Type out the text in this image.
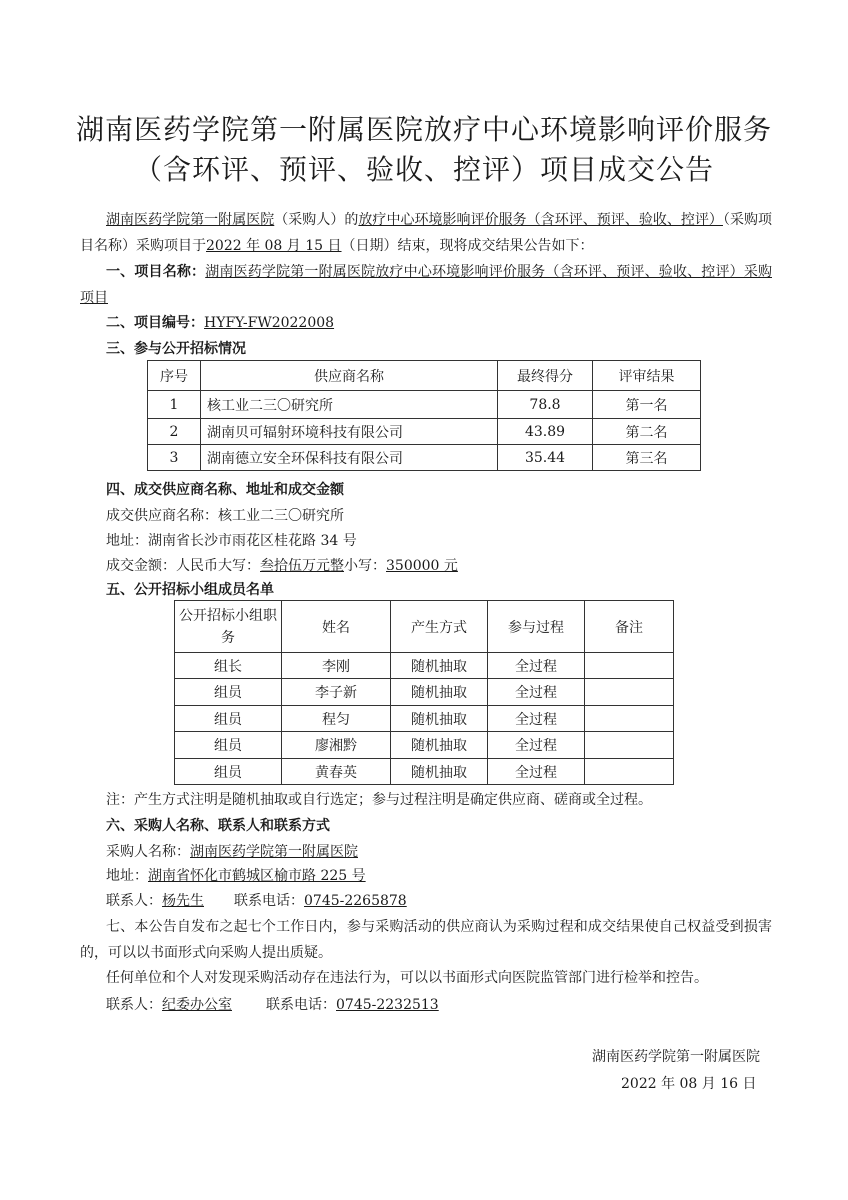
湖南医药学院第一附属医院放疗中心环境影响评价服务
（含环评、预评、验收、控评）项目成交公告
湖南医药学院第一附属医院（采购人）的放疗中心环境影响评价服务（含环评、预评、验收、控评）（采购项目名称）采购项目于2022 年 08 月 15 日（日期）结束，现将成交结果公告如下：
一、项目名称：湖南医药学院第一附属医院放疗中心环境影响评价服务（含环评、预评、验收、控评）采购项目
二、项目编号：HYFY-FW2022008
三、参与公开招标情况
序号	供应商名称	最终得分	评审结果
1	核工业二三〇研究所	78.8	第一名
2	湖南贝可辐射环境科技有限公司	43.89	第二名
3	湖南德立安全环保科技有限公司	35.44	第三名
四、成交供应商名称、地址和成交金额
成交供应商名称：核工业二三〇研究所
地址：湖南省长沙市雨花区桂花路 34 号
成交金额：人民币大写：叁拾伍万元整小写：350000 元
五、公开招标小组成员名单
公开招标小组职务	姓名	产生方式	参与过程	备注
组长	李刚	随机抽取	全过程	
组员	李子新	随机抽取	全过程	
组员	程匀	随机抽取	全过程	
组员	廖湘黔	随机抽取	全过程	
组员	黄春英	随机抽取	全过程	
注：产生方式注明是随机抽取或自行选定；参与过程注明是确定供应商、磋商或全过程。
六、采购人名称、联系人和联系方式
采购人名称：湖南医药学院第一附属医院
地址：湖南省怀化市鹤城区榆市路 225 号
联系人：杨先生 联系电话：0745-2265878
七、本公告自发布之起七个工作日内，参与采购活动的供应商认为采购过程和成交结果使自己权益受到损害的，可以以书面形式向采购人提出质疑。
任何单位和个人对发现采购活动存在违法行为，可以以书面形式向医院监管部门进行检举和控告。
联系人：纪委办公室 联系电话：0745-2232513
湖南医药学院第一附属医院
2022 年 08 月 16 日
